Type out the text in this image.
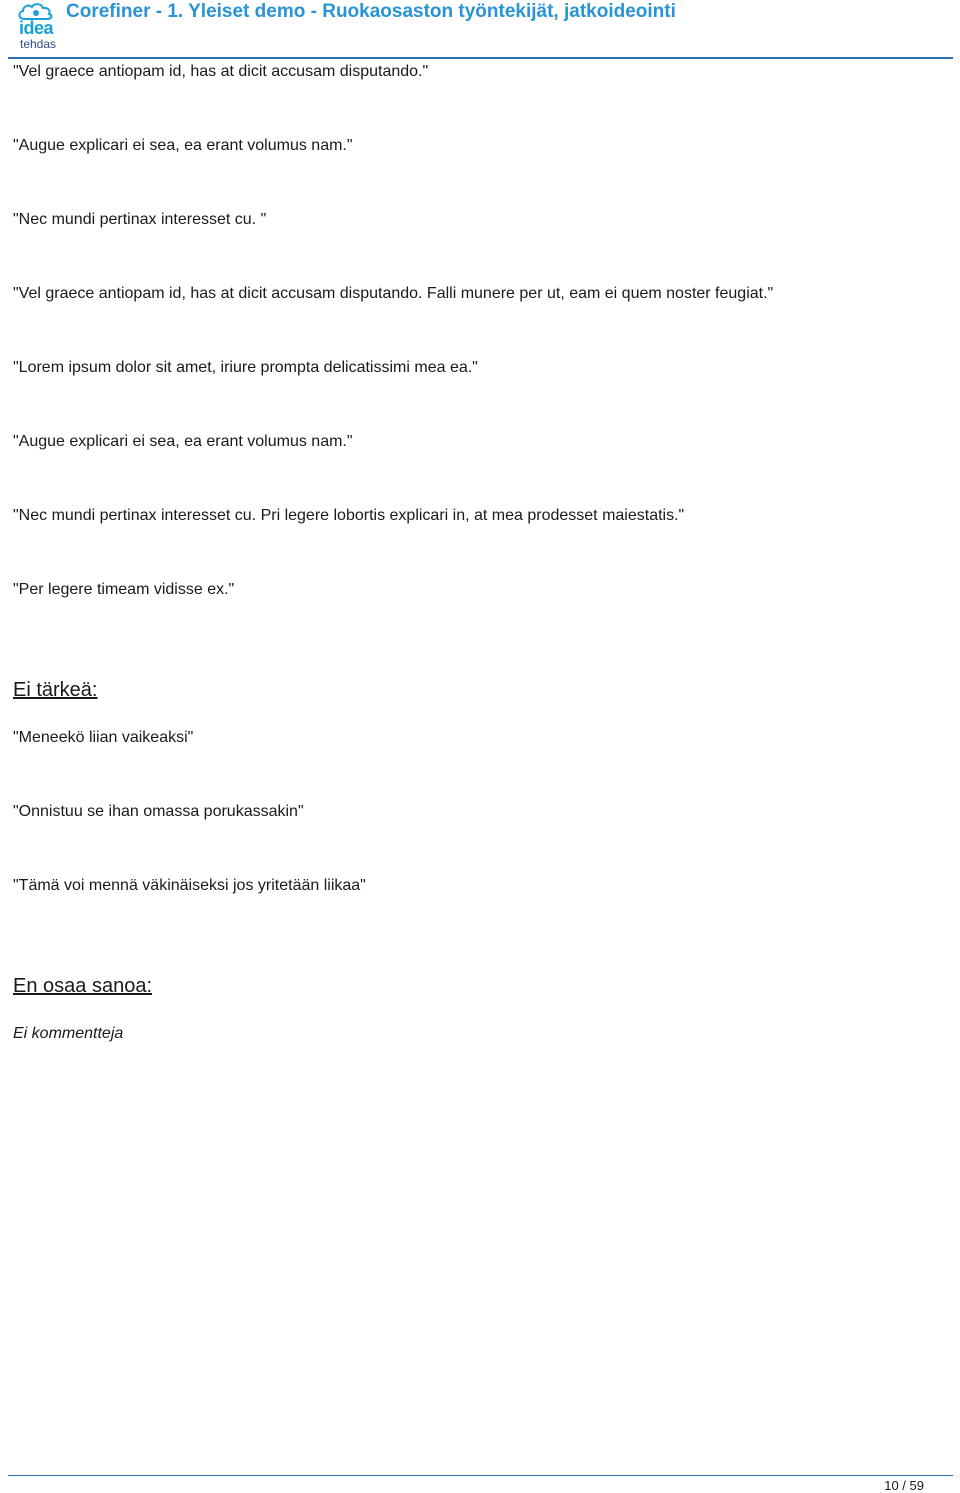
idea
tehdas
Corefiner - 1. Yleiset demo - Ruokaosaston työntekijät, jatkoideointi

"Vel graece antiopam id, has at dicit accusam disputando."

"Augue explicari ei sea, ea erant volumus nam."

"Nec mundi pertinax interesset cu. "

"Vel graece antiopam id, has at dicit accusam disputando. Falli munere per ut, eam ei quem noster feugiat."

"Lorem ipsum dolor sit amet, iriure prompta delicatissimi mea ea."

"Augue explicari ei sea, ea erant volumus nam."

"Nec mundi pertinax interesset cu. Pri legere lobortis explicari in, at mea prodesset maiestatis."

"Per legere timeam vidisse ex."

Ei tärkeä:

"Meneekö liian vaikeaksi"

"Onnistuu se ihan omassa porukassakin"

"Tämä voi mennä väkinäiseksi jos yritetään liikaa"

En osaa sanoa:

Ei kommentteja

10 / 59
